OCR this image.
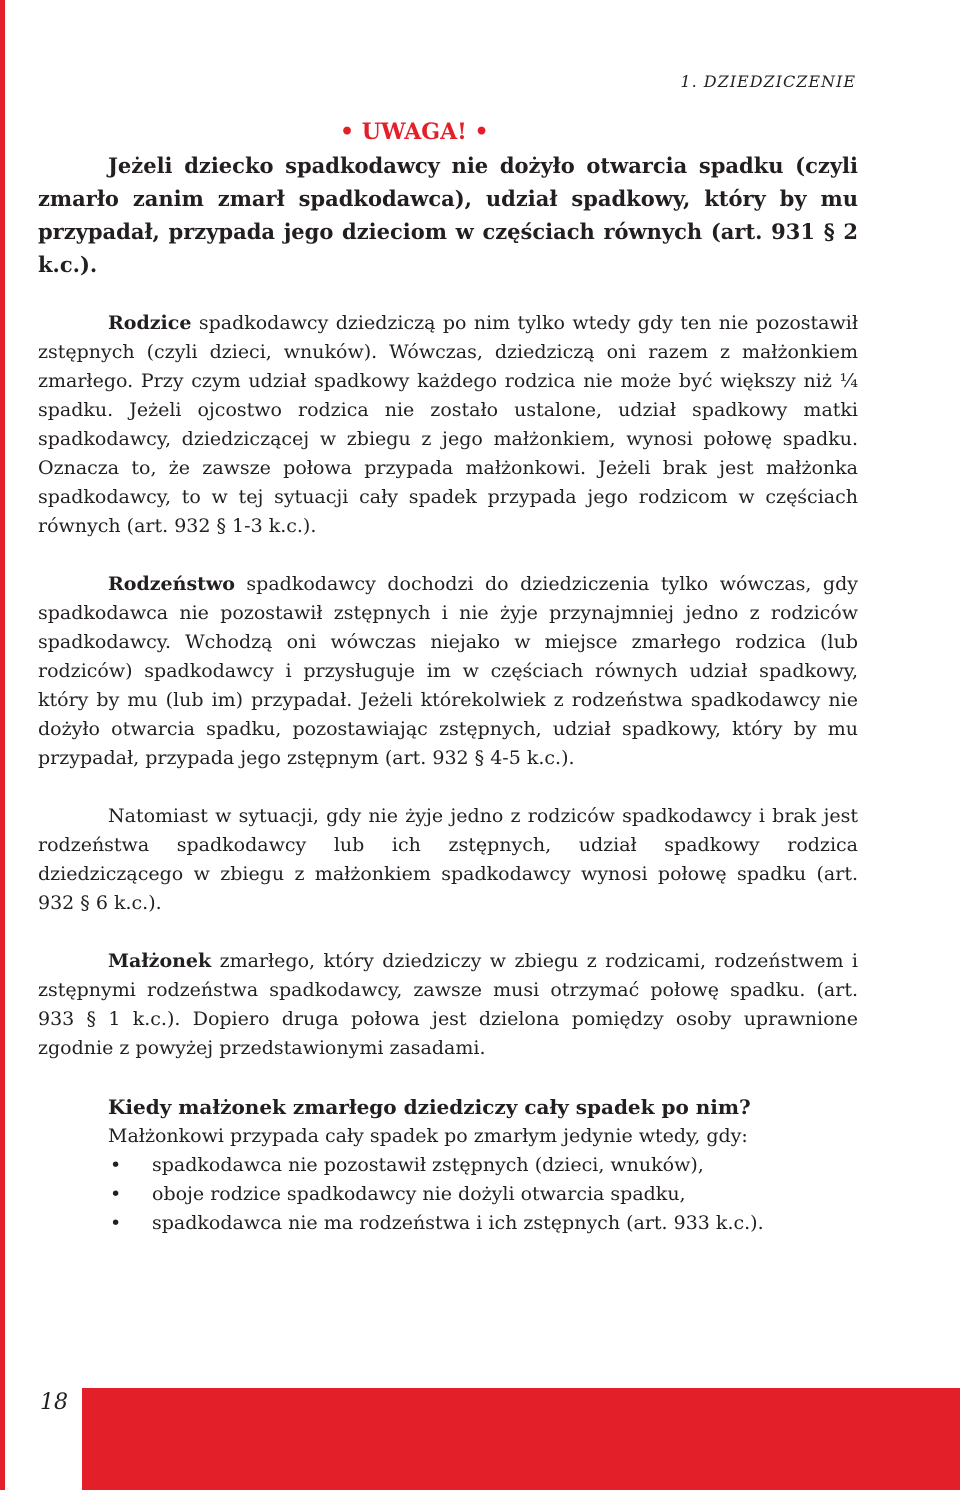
1. DZIEDZICZENIE
• UWAGA! •

Jeżeli dziecko spadkodawcy nie dożyło otwarcia spadku (czyli zmarło zanim zmarł spadkodawca), udział spadkowy, który by mu przypadał, przypada jego dzieciom w częściach równych (art. 931 § 2 k.c.).

Rodzice spadkodawcy dziedziczą po nim tylko wtedy gdy ten nie pozostawił zstępnych (czyli dzieci, wnuków). Wówczas, dziedziczą oni razem z małżonkiem zmarłego. Przy czym udział spadkowy każdego rodzica nie może być większy niż ¼ spadku. Jeżeli ojcostwo rodzica nie zostało ustalone, udział spadkowy matki spadkodawcy, dziedziczącej w zbiegu z jego małżonkiem, wynosi połowę spadku. Oznacza to, że zawsze połowa przypada małżonkowi. Jeżeli brak jest małżonka spadkodawcy, to w tej sytuacji cały spadek przypada jego rodzicom w częściach równych (art. 932 § 1-3 k.c.).

Rodzeństwo spadkodawcy dochodzi do dziedziczenia tylko wówczas, gdy spadkodawca nie pozostawił zstępnych i nie żyje przynajmniej jedno z rodziców spadkodawcy. Wchodzą oni wówczas niejako w miejsce zmarłego rodzica (lub rodziców) spadkodawcy i przysługuje im w częściach równych udział spadkowy, który by mu (lub im) przypadał. Jeżeli którekolwiek z rodzeństwa spadkodawcy nie dożyło otwarcia spadku, pozostawiając zstępnych, udział spadkowy, który by mu przypadał, przypada jego zstępnym (art. 932 § 4-5 k.c.).

Natomiast w sytuacji, gdy nie żyje jedno z rodziców spadkodawcy i brak jest rodzeństwa spadkodawcy lub ich zstępnych, udział spadkowy rodzica dziedziczącego w zbiegu z małżonkiem spadkodawcy wynosi połowę spadku (art. 932 § 6 k.c.).

Małżonek zmarłego, który dziedziczy w zbiegu z rodzicami, rodzeństwem i zstępnymi rodzeństwa spadkodawcy, zawsze musi otrzymać połowę spadku. (art. 933 § 1 k.c.). Dopiero druga połowa jest dzielona pomiędzy osoby uprawnione zgodnie z powyżej przedstawionymi zasadami.

Kiedy małżonek zmarłego dziedziczy cały spadek po nim?
Małżonkowi przypada cały spadek po zmarłym jedynie wtedy, gdy:
• spadkodawca nie pozostawił zstępnych (dzieci, wnuków),
• oboje rodzice spadkodawcy nie dożyli otwarcia spadku,
• spadkodawca nie ma rodzeństwa i ich zstępnych (art. 933 k.c.).
18
